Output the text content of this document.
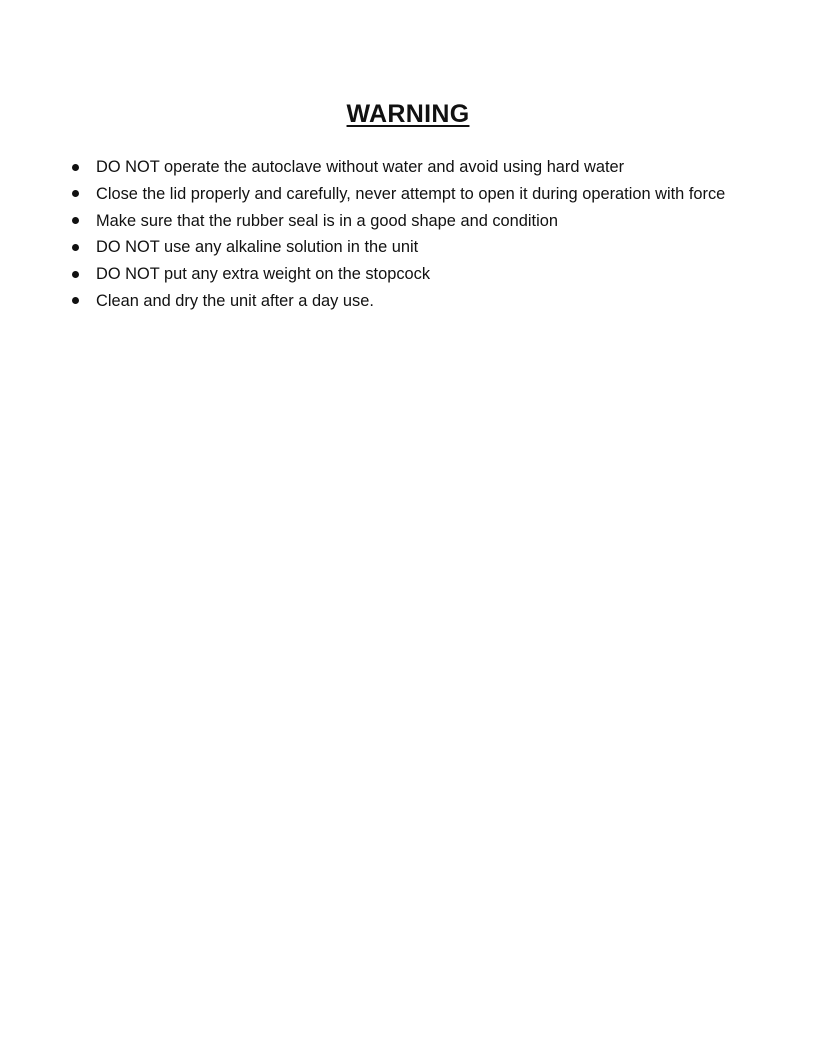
WARNING
DO NOT operate the autoclave without water and avoid using hard water
Close the lid properly and carefully, never attempt to open it during operation with force
Make sure that the rubber seal is in a good shape and condition
DO NOT use any alkaline solution in the unit
DO NOT put any extra weight on the stopcock
Clean and dry the unit after a day use.
